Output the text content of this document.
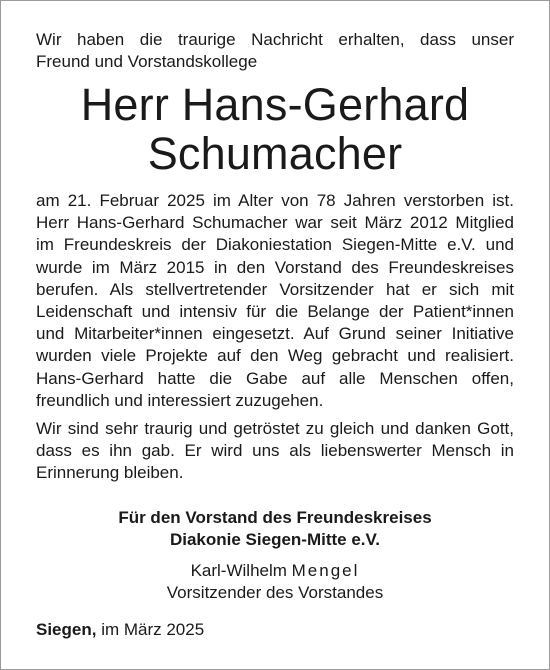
Wir haben die traurige Nachricht erhalten, dass unser
Freund und Vorstandskollege
Herr Hans-Gerhard
Schumacher

am 21. Februar 2025 im Alter von 78 Jahren verstorben ist. Herr Hans-Gerhard Schumacher war seit März 2012 Mitglied im Freundeskreis der Diakoniestation Siegen-Mitte e.V. und wurde im März 2015 in den Vorstand des Freundeskreises berufen. Als stellvertretender Vorsitzender hat er sich mit Leidenschaft und intensiv für die Belange der Patient*innen und Mitarbeiter*innen eingesetzt. Auf Grund seiner Initiative wurden viele Projekte auf den Weg gebracht und realisiert. Hans-Gerhard hatte die Gabe auf alle Menschen offen, freundlich und interessiert zuzugehen.

Wir sind sehr traurig und getröstet zu gleich und danken Gott, dass es ihn gab. Er wird uns als liebenswerter Mensch in Erinnerung bleiben.

Für den Vorstand des Freundeskreises
Diakonie Siegen-Mitte e.V.
Karl-Wilhelm Mengel
Vorsitzender des Vorstandes
Siegen, im März 2025
